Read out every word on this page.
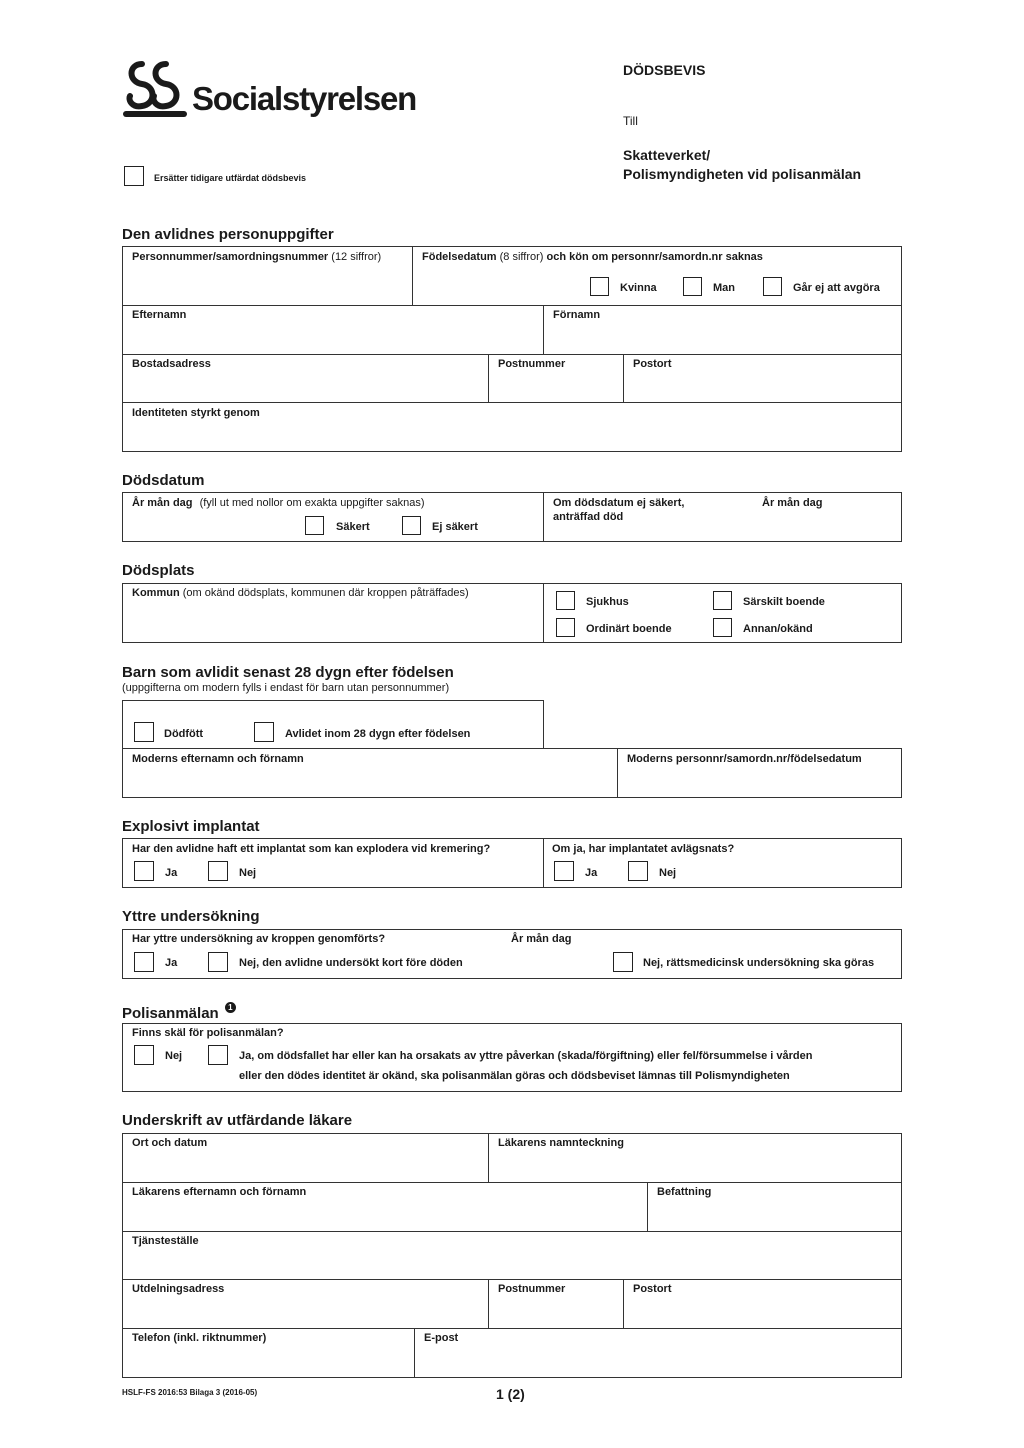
Socialstyrelsen
DÖDSBEVIS
Till
Skatteverket/
Polismyndigheten vid polisanmälan
Ersätter tidigare utfärdat dödsbevis
Den avlidnes personuppgifter
Personnummer/samordningsnummer (12 siffror)	Födelsedatum (8 siffror) och kön om personnr/samordn.nr saknas
Kvinna	Man	Går ej att avgöra
Efternamn	Förnamn
Bostadsadress	Postnummer	Postort
Identiteten styrkt genom
Dödsdatum
År mån dag (fyll ut med nollor om exakta uppgifter saknas)
Säkert	Ej säkert
Om dödsdatum ej säkert,
anträffad död
År mån dag
Dödsplats
Kommun (om okänd dödsplats, kommunen där kroppen påträffades)
Sjukhus	Särskilt boende
Ordinärt boende	Annan/okänd
Barn som avlidit senast 28 dygn efter födelsen
(uppgifterna om modern fylls i endast för barn utan personnummer)
Dödfött	Avlidet inom 28 dygn efter födelsen
Moderns efternamn och förnamn	Moderns personnr/samordn.nr/födelsedatum
Explosivt implantat
Har den avlidne haft ett implantat som kan explodera vid kremering?
Ja	Nej
Om ja, har implantatet avlägsnats?
Ja	Nej
Yttre undersökning
Har yttre undersökning av kroppen genomförts?	År mån dag
Ja	Nej, den avlidne undersökt kort före döden	Nej, rättsmedicinsk undersökning ska göras
Polisanmälan 1
Finns skäl för polisanmälan?
Nej	Ja, om dödsfallet har eller kan ha orsakats av yttre påverkan (skada/förgiftning) eller fel/försummelse i vården
eller den dödes identitet är okänd, ska polisanmälan göras och dödsbeviset lämnas till Polismyndigheten
Underskrift av utfärdande läkare
Ort och datum	Läkarens namnteckning
Läkarens efternamn och förnamn	Befattning
Tjänsteställe
Utdelningsadress	Postnummer	Postort
Telefon (inkl. riktnummer)	E-post
HSLF-FS 2016:53 Bilaga 3 (2016-05)	1 (2)
